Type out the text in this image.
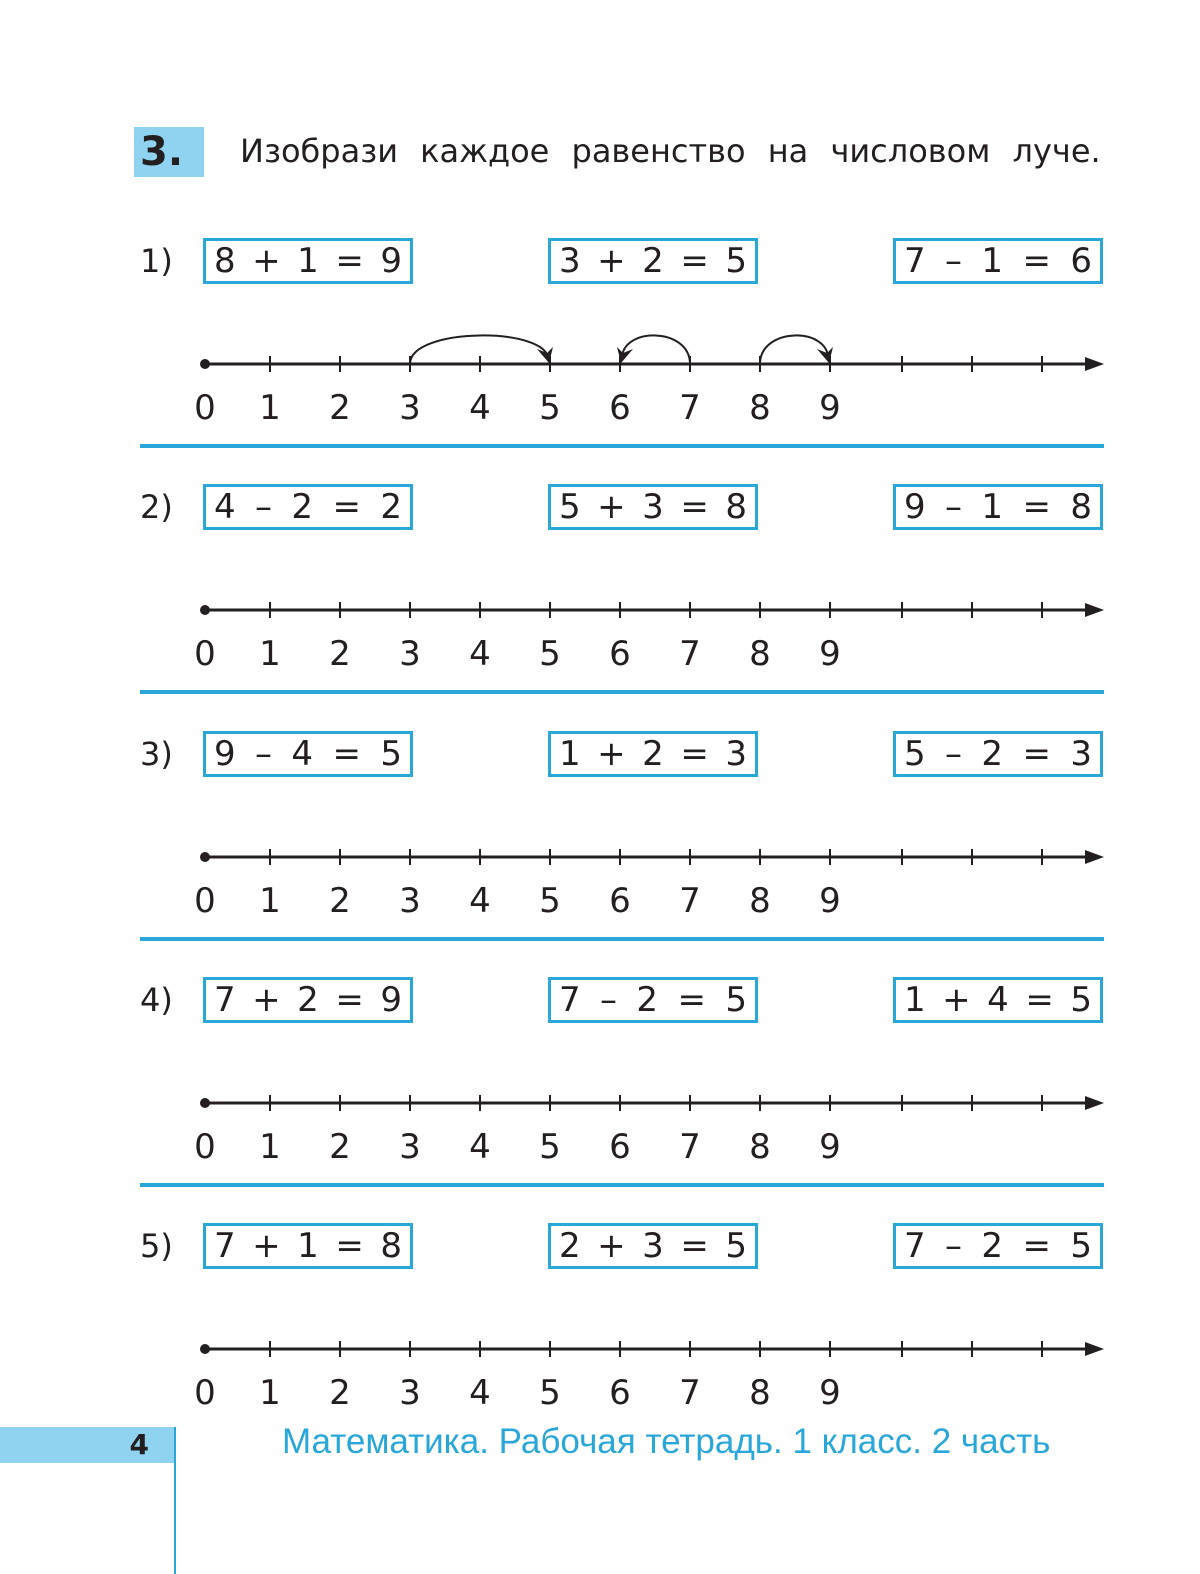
3.	Изобрази каждое равенство на числовом луче.
1) 8 + 1 = 9	3 + 2 = 5	7 – 1 = 6
0 1 2 3 4 5 6 7 8 9
2) 4 – 2 = 2	5 + 3 = 8	9 – 1 = 8
0 1 2 3 4 5 6 7 8 9
3) 9 – 4 = 5	1 + 2 = 3	5 – 2 = 3
0 1 2 3 4 5 6 7 8 9
4) 7 + 2 = 9	7 – 2 = 5	1 + 4 = 5
0 1 2 3 4 5 6 7 8 9
5) 7 + 1 = 8	2 + 3 = 5	7 – 2 = 5
0 1 2 3 4 5 6 7 8 9
4	Математика. Рабочая тетрадь. 1 класс. 2 часть
